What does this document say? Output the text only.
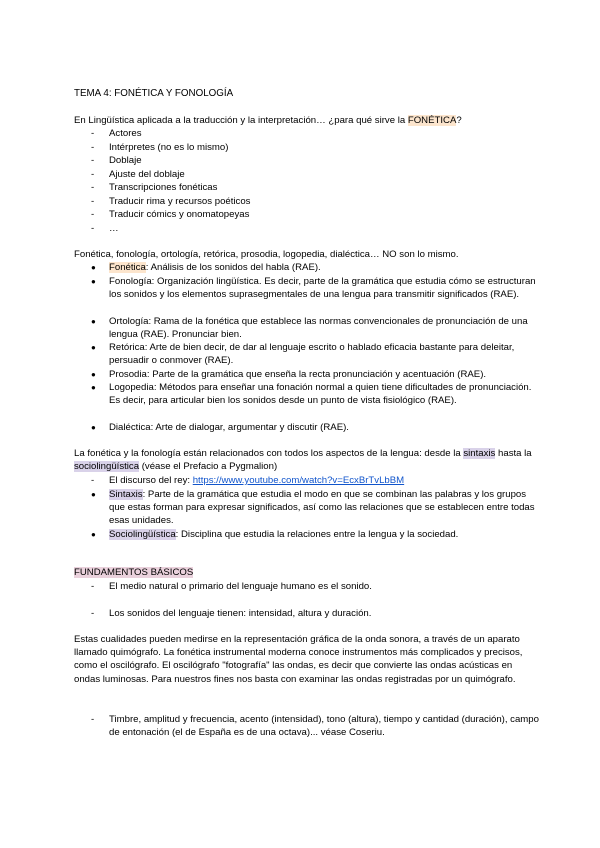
TEMA 4: FONÉTICA Y FONOLOGÍA

En Lingüística aplicada a la traducción y la interpretación… ¿para qué sirve la FONÉTICA?

- Actores
- Intérpretes (no es lo mismo)
- Doblaje
- Ajuste del doblaje
- Transcripciones fonéticas
- Traducir rima y recursos poéticos
- Traducir cómics y onomatopeyas
- …

Fonética, fonología, ortología, retórica, prosodia, logopedia, dialéctica… NO son lo mismo.

● Fonética: Análisis de los sonidos del habla (RAE).
● Fonología: Organización lingüística. Es decir, parte de la gramática que estudia cómo se estructuran los sonidos y los elementos suprasegmentales de una lengua para transmitir significados (RAE).
● Ortología: Rama de la fonética que establece las normas convencionales de pronunciación de una lengua (RAE). Pronunciar bien.
● Retórica: Arte de bien decir, de dar al lenguaje escrito o hablado eficacia bastante para deleitar, persuadir o conmover (RAE).
● Prosodia: Parte de la gramática que enseña la recta pronunciación y acentuación (RAE).
● Logopedia: Métodos para enseñar una fonación normal a quien tiene dificultades de pronunciación. Es decir, para articular bien los sonidos desde un punto de vista fisiológico (RAE).
● Dialéctica: Arte de dialogar, argumentar y discutir (RAE).

La fonética y la fonología están relacionados con todos los aspectos de la lengua: desde la sintaxis hasta la sociolingüística (véase el Prefacio a Pygmalion)

- El discurso del rey: https://www.youtube.com/watch?v=EcxBrTvLbBM
● Sintaxis: Parte de la gramática que estudia el modo en que se combinan las palabras y los grupos que estas forman para expresar significados, así como las relaciones que se establecen entre todas esas unidades.
● Sociolingüística: Disciplina que estudia la relaciones entre la lengua y la sociedad.

FUNDAMENTOS BÁSICOS

- El medio natural o primario del lenguaje humano es el sonido.
- Los sonidos del lenguaje tienen: intensidad, altura y duración.

Estas cualidades pueden medirse en la representación gráfica de la onda sonora, a través de un aparato llamado quimógrafo. La fonética instrumental moderna conoce instrumentos más complicados y precisos, como el oscilógrafo. El oscilógrafo "fotografía" las ondas, es decir que convierte las ondas acústicas en ondas luminosas. Para nuestros fines nos basta con examinar las ondas registradas por un quimógrafo.

- Timbre, amplitud y frecuencia, acento (intensidad), tono (altura), tiempo y cantidad (duración), campo de entonación (el de España es de una octava)... véase Coseriu.
